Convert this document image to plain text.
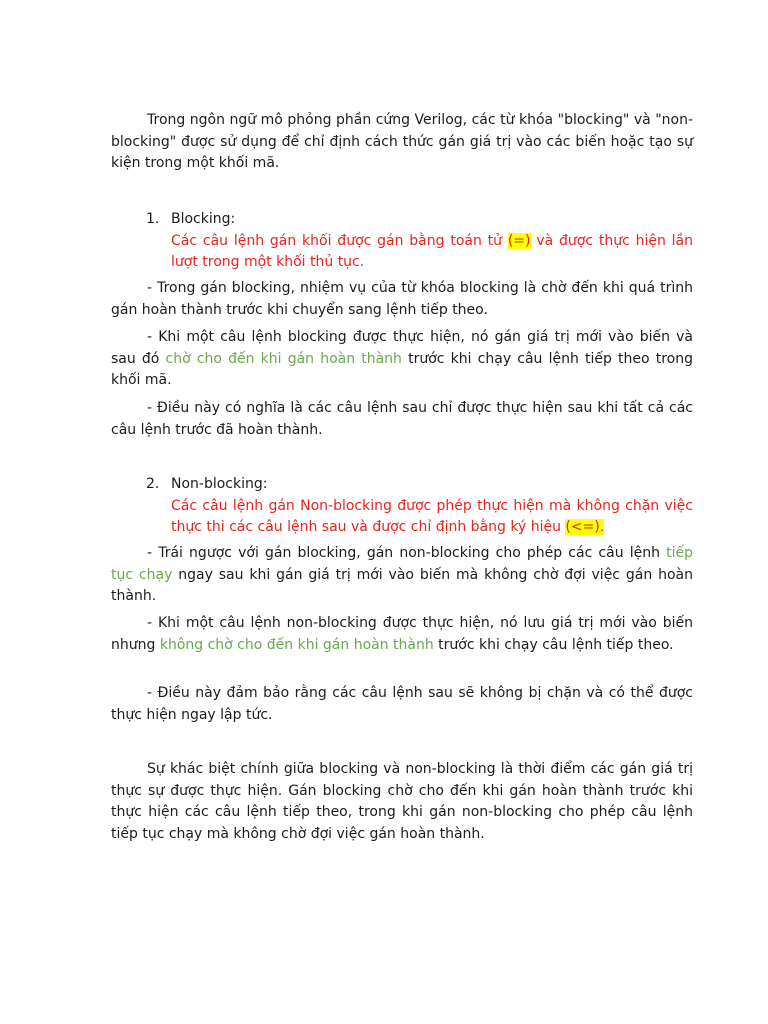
Trong ngôn ngữ mô phỏng phần cứng Verilog, các từ khóa "blocking" và "non-blocking" được sử dụng để chỉ định cách thức gán giá trị vào các biến hoặc tạo sự kiện trong một khối mã.

1. Blocking:
Các câu lệnh gán khối được gán bằng toán tử (=) và được thực hiện lần lượt trong một khối thủ tục.

- Trong gán blocking, nhiệm vụ của từ khóa blocking là chờ đến khi quá trình gán hoàn thành trước khi chuyển sang lệnh tiếp theo.

- Khi một câu lệnh blocking được thực hiện, nó gán giá trị mới vào biến và sau đó chờ cho đến khi gán hoàn thành trước khi chạy câu lệnh tiếp theo trong khối mã.

- Điều này có nghĩa là các câu lệnh sau chỉ được thực hiện sau khi tất cả các câu lệnh trước đã hoàn thành.

2. Non-blocking:
Các câu lệnh gán Non-blocking được phép thực hiện mà không chặn việc thực thi các câu lệnh sau và được chỉ định bằng ký hiệu (<=).

- Trái ngược với gán blocking, gán non-blocking cho phép các câu lệnh tiếp tục chạy ngay sau khi gán giá trị mới vào biến mà không chờ đợi việc gán hoàn thành.

- Khi một câu lệnh non-blocking được thực hiện, nó lưu giá trị mới vào biến nhưng không chờ cho đến khi gán hoàn thành trước khi chạy câu lệnh tiếp theo.

- Điều này đảm bảo rằng các câu lệnh sau sẽ không bị chặn và có thể được thực hiện ngay lập tức.

Sự khác biệt chính giữa blocking và non-blocking là thời điểm các gán giá trị thực sự được thực hiện. Gán blocking chờ cho đến khi gán hoàn thành trước khi thực hiện các câu lệnh tiếp theo, trong khi gán non-blocking cho phép câu lệnh tiếp tục chạy mà không chờ đợi việc gán hoàn thành.
